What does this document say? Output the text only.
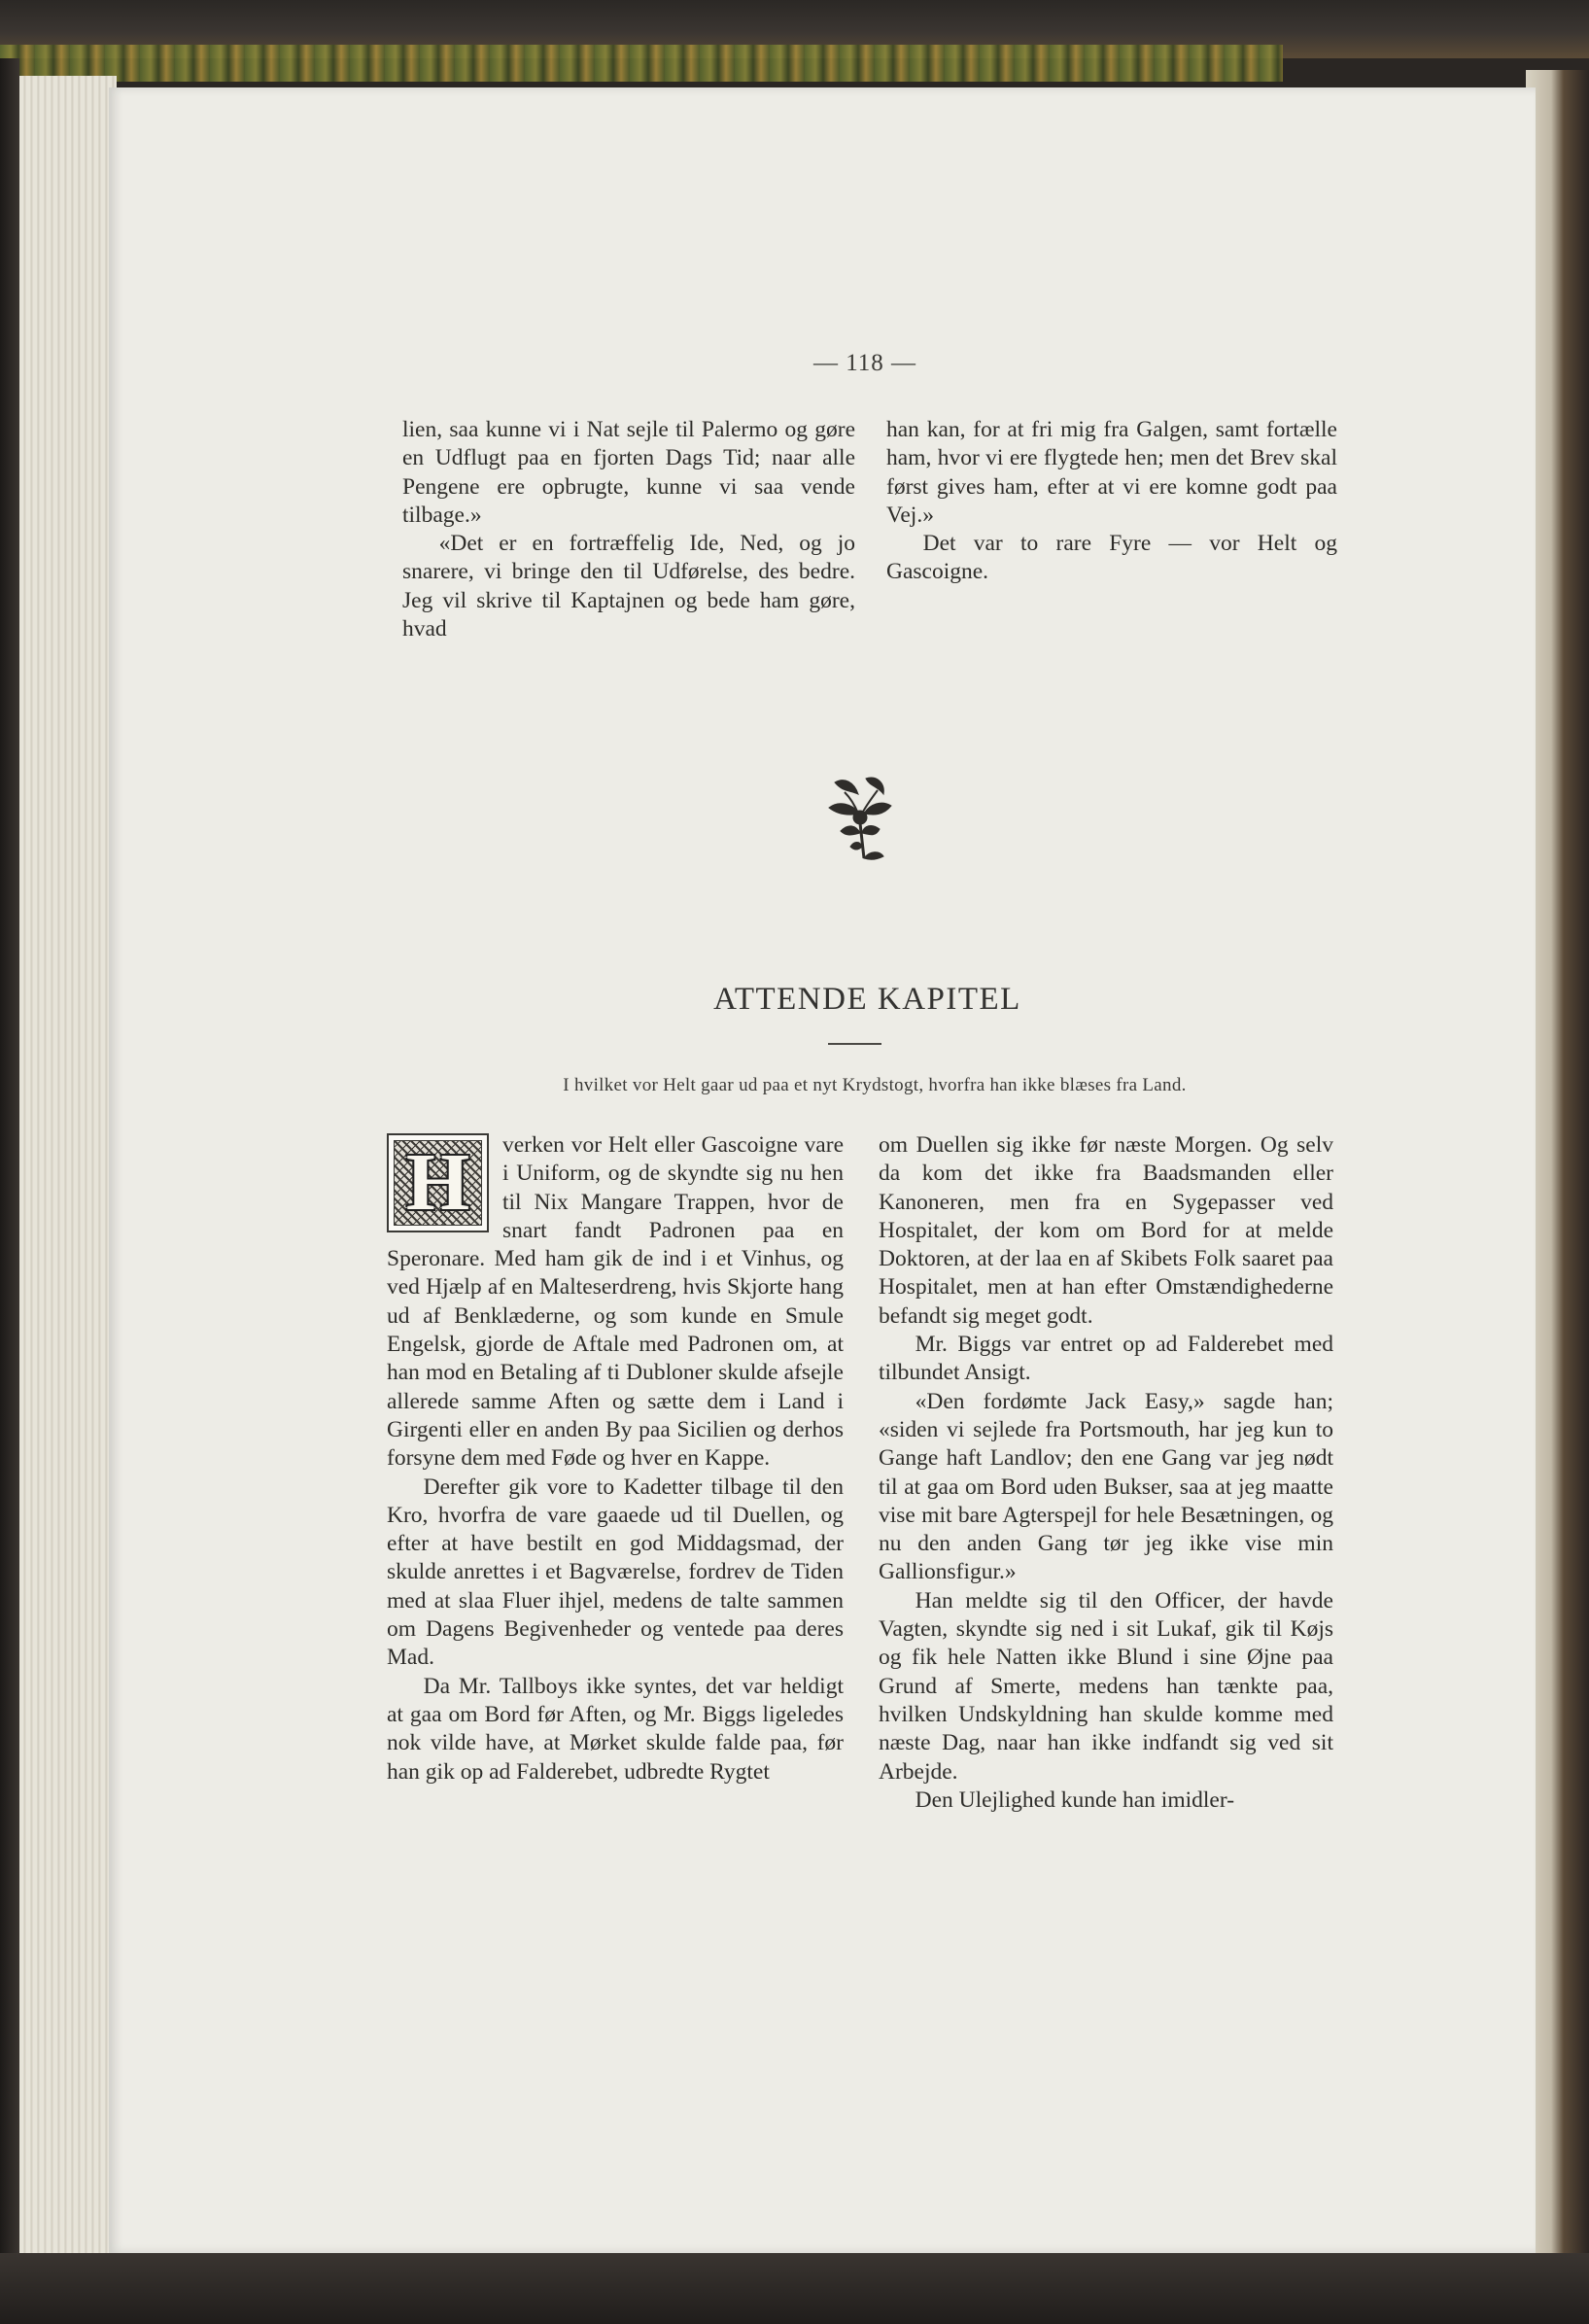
— 118 —

lien, saa kunne vi i Nat sejle til Palermo og gøre en Udflugt paa en fjorten Dags Tid; naar alle Pengene ere opbrugte, kunne vi saa vende tilbage.»

«Det er en fortræffelig Ide, Ned, og jo snarere, vi bringe den til Udførelse, des bedre. Jeg vil skrive til Kaptajnen og bede ham gøre, hvad

han kan, for at fri mig fra Galgen, samt fortælle ham, hvor vi ere flygtede hen; men det Brev skal først gives ham, efter at vi ere komne godt paa Vej.»

Det var to rare Fyre — vor Helt og Gascoigne.

ATTENDE KAPITEL
I hvilket vor Helt gaar ud paa et nyt Krydstogt, hvorfra han ikke blæses fra Land.
H	verken vor Helt eller Gascoigne vare i Uniform, og de skyndte sig nu hen til Nix Mangare Trappen, hvor de snart fandt Padronen paa en Speronare. Med ham gik de ind i et Vinhus, og ved Hjælp af en Malteserdreng, hvis Skjorte hang ud af Benklæderne, og som kunde en Smule Engelsk, gjorde de Aftale med Padronen om, at han mod en Betaling af ti Dubloner skulde afsejle allerede samme Aften og sætte dem i Land i Girgenti eller en anden By paa Sicilien og derhos forsyne dem med Føde og hver en Kappe.

Derefter gik vore to Kadetter tilbage til den Kro, hvorfra de vare gaaede ud til Duellen, og efter at have bestilt en god Middagsmad, der skulde anrettes i et Bagværelse, fordrev de Tiden med at slaa Fluer ihjel, medens de talte sammen om Dagens Begivenheder og ventede paa deres Mad.

Da Mr. Tallboys ikke syntes, det var heldigt at gaa om Bord før Aften, og Mr. Biggs ligeledes nok vilde have, at Mørket skulde falde paa, før han gik op ad Falderebet, udbredte Rygtet

om Duellen sig ikke før næste Morgen. Og selv da kom det ikke fra Baadsmanden eller Kanoneren, men fra en Sygepasser ved Hospitalet, der kom om Bord for at melde Doktoren, at der laa en af Skibets Folk saaret paa Hospitalet, men at han efter Omstændighederne befandt sig meget godt.

Mr. Biggs var entret op ad Falderebet med tilbundet Ansigt.

«Den fordømte Jack Easy,» sagde han; «siden vi sejlede fra Portsmouth, har jeg kun to Gange haft Landlov; den ene Gang var jeg nødt til at gaa om Bord uden Bukser, saa at jeg maatte vise mit bare Agterspejl for hele Besætningen, og nu den anden Gang tør jeg ikke vise min Gallionsfigur.»

Han meldte sig til den Officer, der havde Vagten, skyndte sig ned i sit Lukaf, gik til Køjs og fik hele Natten ikke Blund i sine Øjne paa Grund af Smerte, medens han tænkte paa, hvilken Undskyldning han skulde komme med næste Dag, naar han ikke indfandt sig ved sit Arbejde.

Den Ulejlighed kunde han imidler-
